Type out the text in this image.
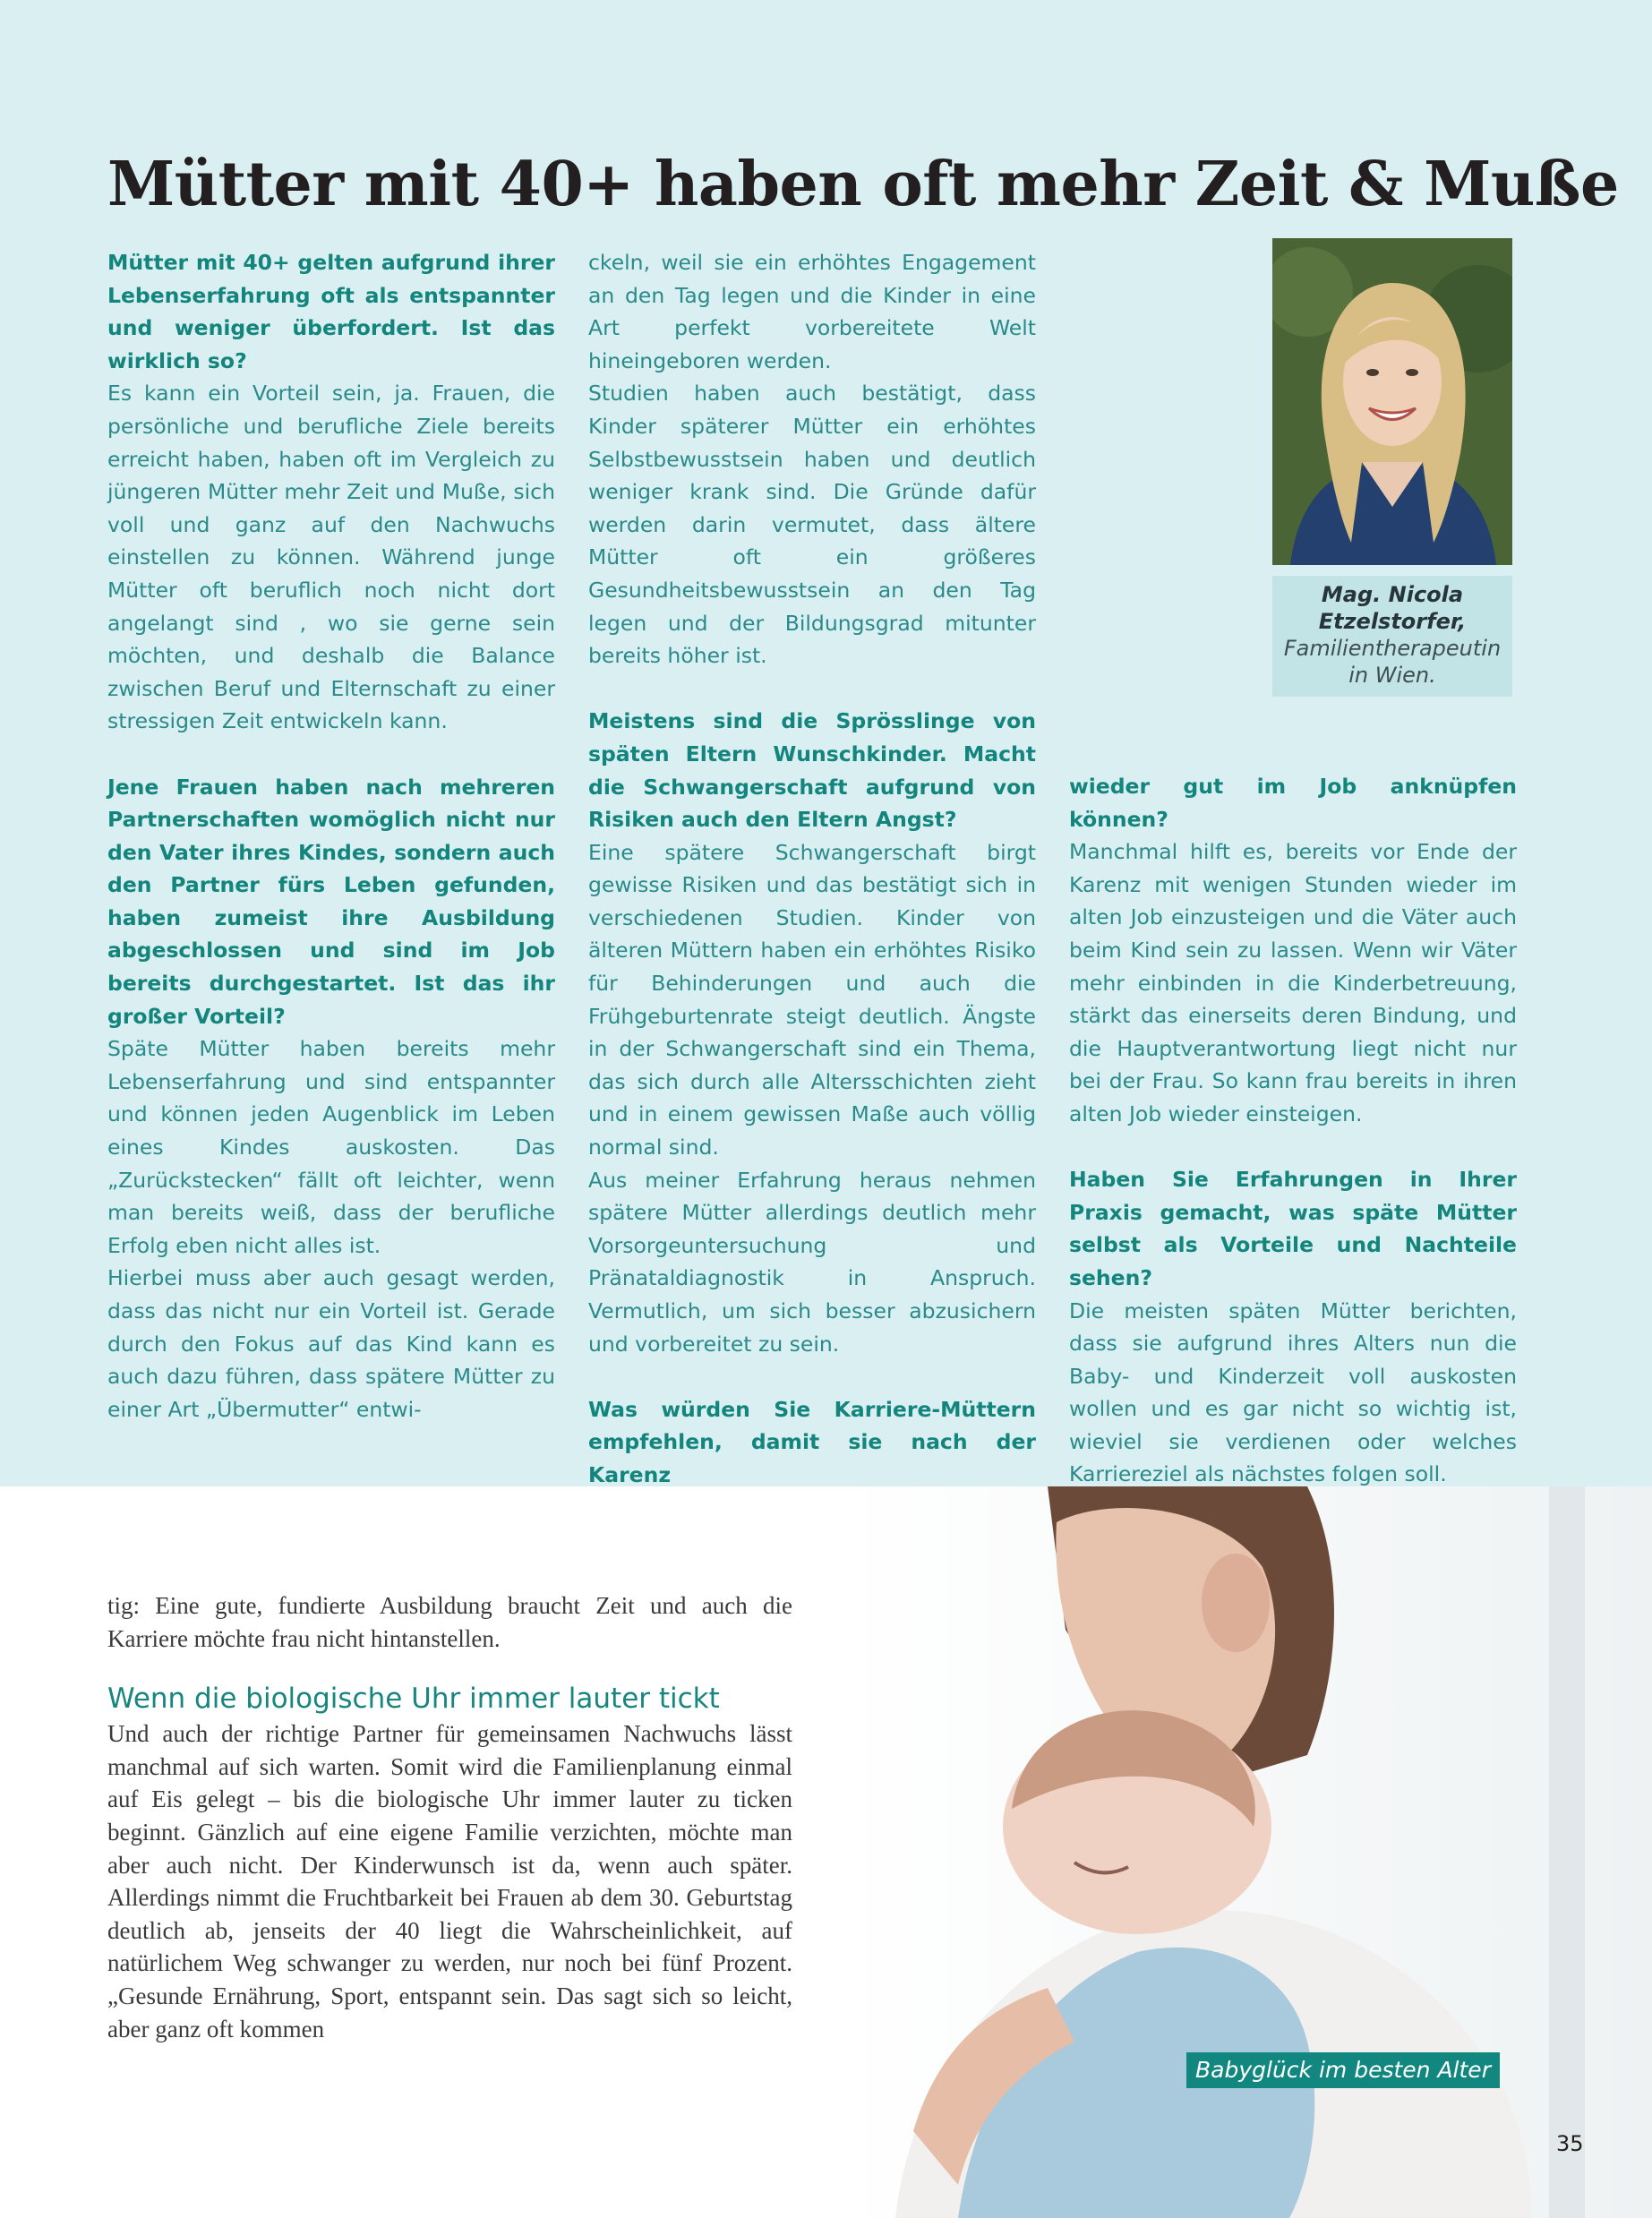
Mütter mit 40+ haben oft mehr Zeit & Muße

Mütter mit 40+ gelten aufgrund ihrer Lebenserfahrung oft als entspannter und weniger überfordert. Ist das wirklich so?

Es kann ein Vorteil sein, ja. Frauen, die persönliche und berufliche Ziele bereits erreicht haben, haben oft im Vergleich zu jüngeren Mütter mehr Zeit und Muße, sich voll und ganz auf den Nachwuchs einstellen zu können. Während junge Mütter oft beruflich noch nicht dort angelangt sind , wo sie gerne sein möchten, und deshalb die Balance zwischen Beruf und Elternschaft zu einer stressigen Zeit entwickeln kann.

Jene Frauen haben nach mehreren Partnerschaften womöglich nicht nur den Vater ihres Kindes, sondern auch den Partner fürs Leben gefunden, haben zumeist ihre Ausbildung abgeschlossen und sind im Job bereits durchgestartet. Ist das ihr großer Vorteil?

Späte Mütter haben bereits mehr Lebenserfahrung und sind entspannter und können jeden Augenblick im Leben eines Kindes auskosten. Das „Zurückstecken“ fällt oft leichter, wenn man bereits weiß, dass der berufliche Erfolg eben nicht alles ist.

Hierbei muss aber auch gesagt werden, dass das nicht nur ein Vorteil ist. Gerade durch den Fokus auf das Kind kann es auch dazu führen, dass spätere Mütter zu einer Art „Übermutter“ entwi-

ckeln, weil sie ein erhöhtes Engagement an den Tag legen und die Kinder in eine Art perfekt vorbereitete Welt hineingeboren werden.

Studien haben auch bestätigt, dass Kinder späterer Mütter ein erhöhtes Selbstbewusstsein haben und deutlich weniger krank sind. Die Gründe dafür werden darin vermutet, dass ältere Mütter oft ein größeres Gesundheitsbewusstsein an den Tag legen und der Bildungsgrad mitunter bereits höher ist.

Meistens sind die Sprösslinge von späten Eltern Wunschkinder. Macht die Schwangerschaft aufgrund von Risiken auch den Eltern Angst?

Eine spätere Schwangerschaft birgt gewisse Risiken und das bestätigt sich in verschiedenen Studien. Kinder von älteren Müttern haben ein erhöhtes Risiko für Behinderungen und auch die Frühgeburtenrate steigt deutlich. Ängste in der Schwangerschaft sind ein Thema, das sich durch alle Altersschichten zieht und in einem gewissen Maße auch völlig normal sind.

Aus meiner Erfahrung heraus nehmen spätere Mütter allerdings deutlich mehr Vorsorgeuntersuchung und Pränataldiagnostik in Anspruch. Vermutlich, um sich besser abzusichern und vorbereitet zu sein.

Was würden Sie Karriere-Müttern empfehlen, damit sie nach der Karenz

wieder gut im Job anknüpfen können?

Manchmal hilft es, bereits vor Ende der Karenz mit wenigen Stunden wieder im alten Job einzusteigen und die Väter auch beim Kind sein zu lassen. Wenn wir Väter mehr einbinden in die Kinderbetreuung, stärkt das einerseits deren Bindung, und die Hauptverantwortung liegt nicht nur bei der Frau. So kann frau bereits in ihren alten Job wieder einsteigen.

Haben Sie Erfahrungen in Ihrer Praxis gemacht, was späte Mütter selbst als Vorteile und Nachteile sehen?

Die meisten späten Mütter berichten, dass sie aufgrund ihres Alters nun die Baby- und Kinderzeit voll auskosten wollen und es gar nicht so wichtig ist, wieviel sie verdienen oder welches Karriereziel als nächstes folgen soll.

Mag. Nicola Etzelstorfer,
Familientherapeutin in Wien.

tig: Eine gute, fundierte Ausbildung braucht Zeit und auch die Karriere möchte frau nicht hintanstellen.

Wenn die biologische Uhr immer lauter tickt

Und auch der richtige Partner für gemeinsamen Nachwuchs lässt manchmal auf sich warten. Somit wird die Familienplanung einmal auf Eis gelegt – bis die biologische Uhr immer lauter zu ticken beginnt. Gänzlich auf eine eigene Familie verzichten, möchte man aber auch nicht. Der Kinderwunsch ist da, wenn auch später. Allerdings nimmt die Fruchtbarkeit bei Frauen ab dem 30. Geburtstag deutlich ab, jenseits der 40 liegt die Wahrscheinlichkeit, auf natürlichem Weg schwanger zu werden, nur noch bei fünf Prozent. „Gesunde Ernährung, Sport, entspannt sein. Das sagt sich so leicht, aber ganz oft kommen

Babyglück im besten Alter
35
